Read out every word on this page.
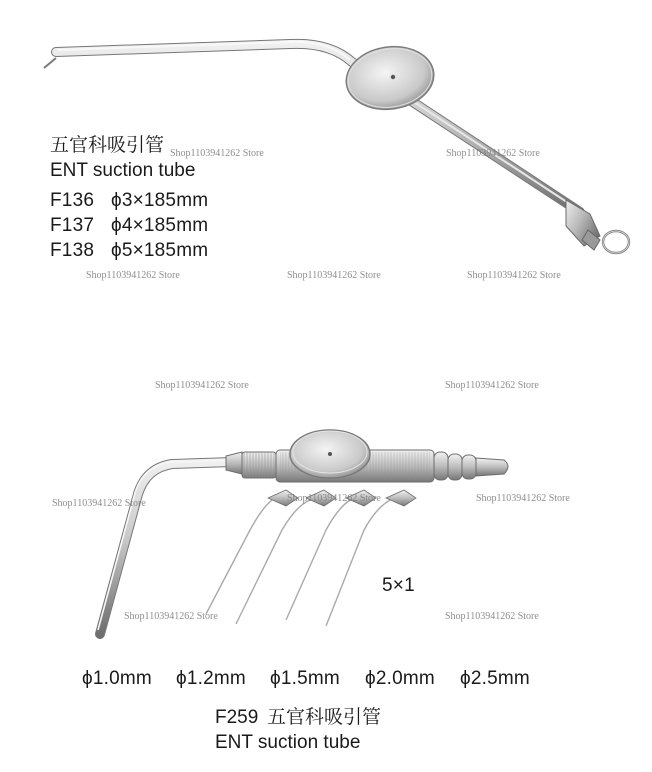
五官科吸引管
ENT suction tube
F136 ϕ3×185mm
F137 ϕ4×185mm
F138 ϕ5×185mm
5×1
ϕ1.0mm ϕ1.2mm ϕ1.5mm ϕ2.0mm ϕ2.5mm
F259 五官科吸引管
ENT suction tube
Shop1103941262 Store	Shop1103941262 Store
Shop1103941262 Store	Shop1103941262 Store	Shop1103941262 Store
Shop1103941262 Store	Shop1103941262 Store
Shop1103941262 Store	Shop1103941262 Store	Shop1103941262 Store
Shop1103941262 Store	Shop1103941262 Store
